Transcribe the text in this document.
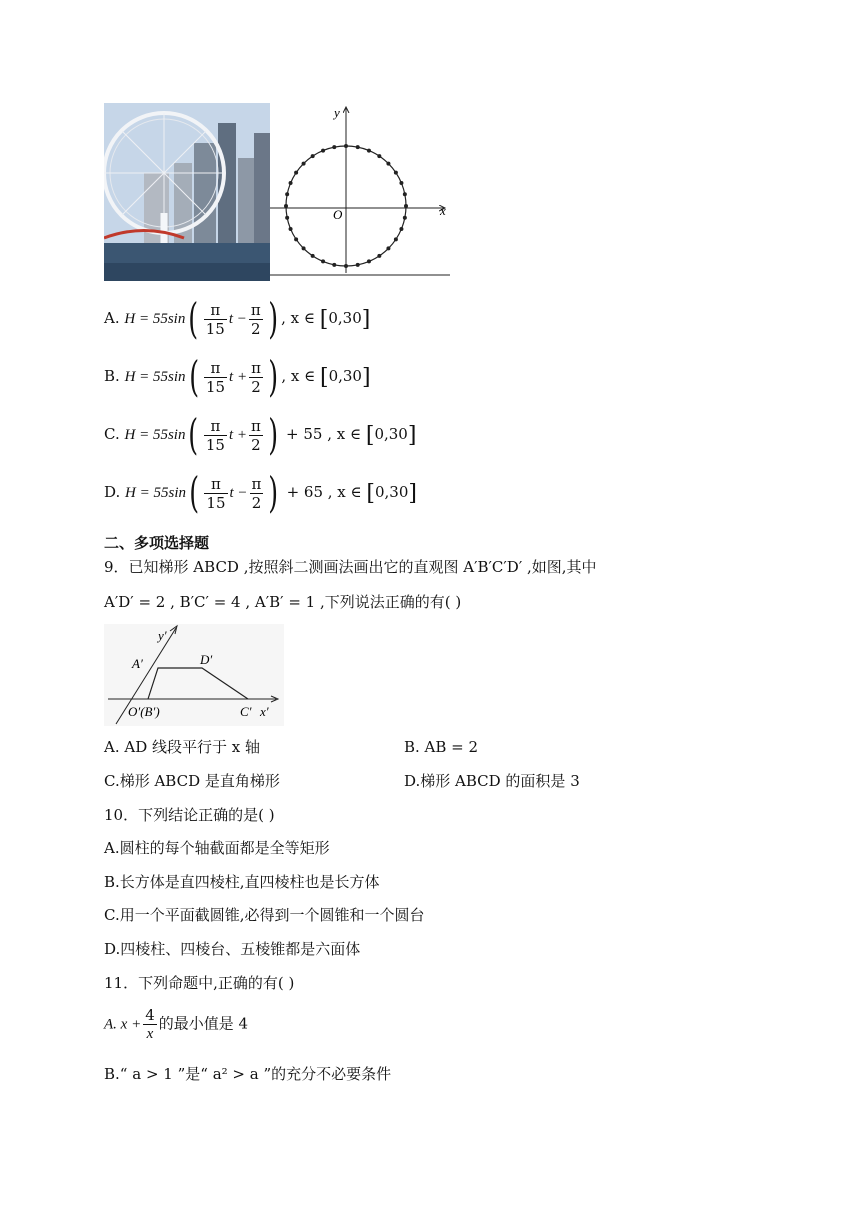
x
y
O
A. $H = 55\sin( \frac{\pi}{15}$ $t - \frac{\pi}{2}$ ) , x ∈ [0,30]
B. $H = 55\sin( \frac{\pi}{15}$ $t + \frac{\pi}{2}$ ) , x ∈ [0,30]
C. $H = 55\sin( \frac{\pi}{15}$ $t + \frac{\pi}{2}$ ) + 55 , x ∈ [0,30]
D. $H = 55\sin( \frac{\pi}{15}$ $t - \frac{\pi}{2}$ ) + 65 , x ∈ [0,30]
二、多项选择题
9．已知梯形 ABCD ,按照斜二测画法画出它的直观图 A′B′C′D′ ,如图,其中
A′D′ = 2 , B′C′ = 4 , A′B′ = 1 ,下列说法正确的有( )
y′
A′	D′
O′(B′)	C′ x′
A. AD 线段平行于 x 轴	B. AB = 2
C.梯形 ABCD 是直角梯形	D.梯形 ABCD 的面积是 3
10．下列结论正确的是( )
A.圆柱的每个轴截面都是全等矩形
B.长方体是直四棱柱,直四棱柱也是长方体
C.用一个平面截圆锥,必得到一个圆锥和一个圆台
D.四棱柱、四棱台、五棱锥都是六面体
11．下列命题中,正确的有( )
A. $x + \frac{4}{x}$ 的最小值是 4
B.“ a > 1 ”是“ a² > a ”的充分不必要条件
